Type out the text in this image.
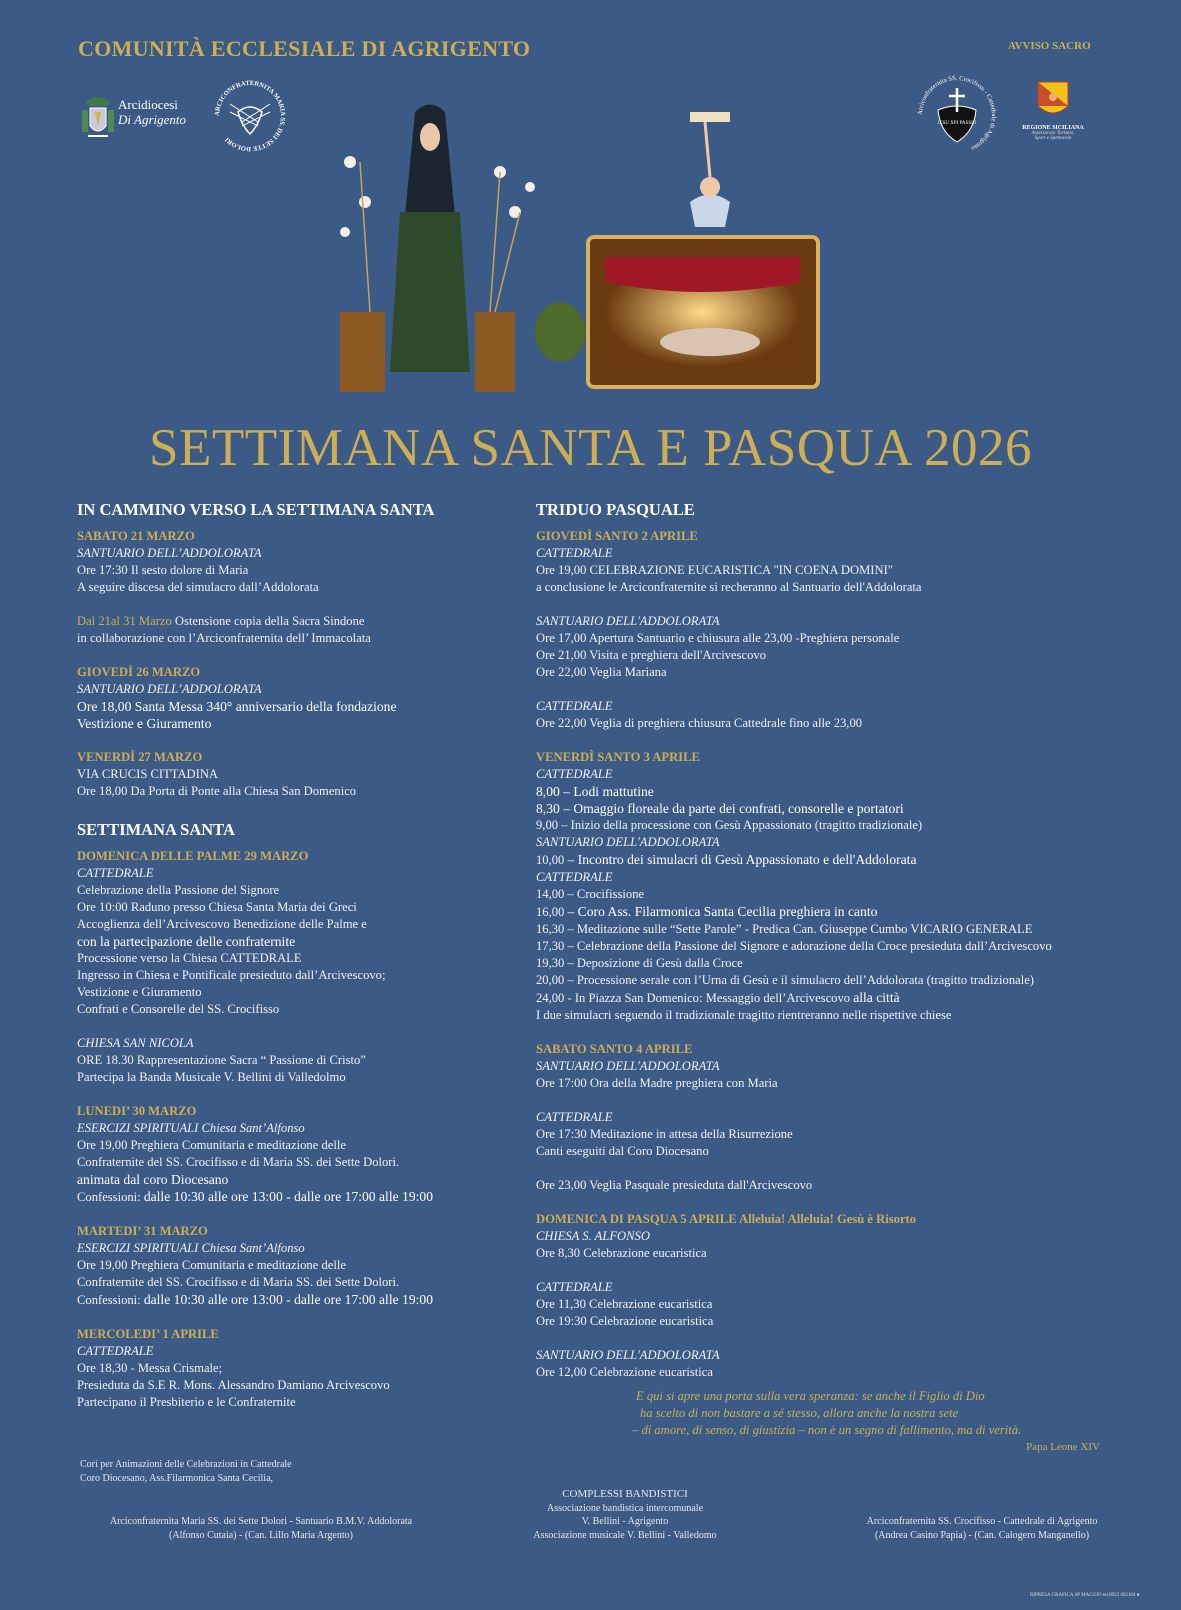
COMUNITÀ ECCLESIALE DI AGRIGENTO	AVVISO SACRO
Arcidiocesi
Di Agrigento	ARCICONFRATERNITA MARIA SS. DEI SETTE DOLORI
Arciconfraternita SS. Crocifisso - Cattedrale di Agrigento
JESU XPI PASSIO
REGIONE SICILIANA
Assessorato Turismo,
Sport e Spettacolo
SETTIMANA SANTA E PASQUA 2026
IN CAMMINO VERSO LA SETTIMANA SANTA
SABATO 21 MARZO
SANTUARIO DELL’ADDOLORATA
Ore 17:30 Il sesto dolore di Maria
A seguire discesa del simulacro dall’Addolorata
Dal 21al 31 Marzo Ostensione copia della Sacra Sindone
in collaborazione con l’Arciconfraternita dell’ Immacolata
GIOVEDÌ 26 MARZO
SANTUARIO DELL’ADDOLORATA
Ore 18,00 Santa Messa 340° anniversario della fondazione
Vestizione e Giuramento
VENERDÌ 27 MARZO
VIA CRUCIS CITTADINA
Ore 18,00 Da Porta di Ponte alla Chiesa San Domenico
SETTIMANA SANTA
DOMENICA DELLE PALME 29 MARZO
CATTEDRALE
Celebrazione della Passione del Signore
Ore 10:00 Raduno presso Chiesa Santa Maria dei Greci
Accoglienza dell’Arcivescovo Benedizione delle Palme e
con la partecipazione delle confraternite
Processione verso la Chiesa CATTEDRALE
Ingresso in Chiesa e Pontificale presieduto dall’Arcivescovo;
Vestizione e Giuramento
Confrati e Consorelle del SS. Crocifisso
CHIESA SAN NICOLA
ORE 18.30 Rappresentazione Sacra “ Passione di Cristo”
Partecipa la Banda Musicale V. Bellini di Valledolmo
LUNEDI’ 30 MARZO
ESERCIZI SPIRITUALI Chiesa Sant’Alfonso
Ore 19,00 Preghiera Comunitaria e meditazione delle
Confraternite del SS. Crocifisso e di Maria SS. dei Sette Dolori.
animata dal coro Diocesano
Confessioni: dalle 10:30 alle ore 13:00 - dalle ore 17:00 alle 19:00
MARTEDI’ 31 MARZO
ESERCIZI SPIRITUALI Chiesa Sant’Alfonso
Ore 19,00 Preghiera Comunitaria e meditazione delle
Confraternite del SS. Crocifisso e di Maria SS. dei Sette Dolori.
Confessioni: dalle 10:30 alle ore 13:00 - dalle ore 17:00 alle 19:00
MERCOLEDI’ 1 APRILE
CATTEDRALE
Ore 18,30 - Messa Crismale;
Presieduta da S.E R. Mons. Alessandro Damiano Arcivescovo
Partecipano il Presbiterio e le Confraternite
TRIDUO PASQUALE
GIOVEDÌ SANTO 2 APRILE
CATTEDRALE
Ore 19,00 CELEBRAZIONE EUCARISTICA "IN COENA DOMINI"
a conclusione le Arciconfraternite si recheranno al Santuario dell'Addolorata
SANTUARIO DELL'ADDOLORATA
Ore 17,00 Apertura Santuario e chiusura alle 23,00 -Preghiera personale
Ore 21,00 Visita e preghiera dell'Arcivescovo
Ore 22,00 Veglia Mariana
CATTEDRALE
Ore 22,00 Veglia di preghiera chiusura Cattedrale fino alle 23,00
VENERDÌ SANTO 3 APRILE
CATTEDRALE
8,00 – Lodi mattutine
8,30 – Omaggio floreale da parte dei confrati, consorelle e portatori
9,00 – Inizio della processione con Gesù Appassionato (tragitto tradizionale)
SANTUARIO DELL'ADDOLORATA
10,00 – Incontro dei simulacri di Gesù Appassionato e dell'Addolorata
CATTEDRALE
14,00 – Crocifissione
16,00 – Coro Ass. Filarmonica Santa Cecilia preghiera in canto
16,30 – Meditazione sulle “Sette Parole” - Predica Can. Giuseppe Cumbo VICARIO GENERALE
17,30 – Celebrazione della Passione del Signore e adorazione della Croce presieduta dall’Arcivescovo
19,30 – Deposizione di Gesù dalla Croce
20,00 – Processione serale con l’Urna di Gesù e il simulacro dell’Addolorata (tragitto tradizionale)
24,00 - In Piazza San Domenico: Messaggio dell’Arcivescovo alla città
I due simulacri seguendo il tradizionale tragitto rientreranno nelle rispettive chiese
SABATO SANTO 4 APRILE
SANTUARIO DELL'ADDOLORATA
Ore 17:00 Ora della Madre preghiera con Maria
CATTEDRALE
Ore 17:30 Meditazione in attesa della Risurrezione
Canti eseguiti dal Coro Diocesano
Ore 23,00 Veglia Pasquale presieduta dall'Arcivescovo
DOMENICA DI PASQUA 5 APRILE Alleluia! Alleluia! Gesù è Risorto
CHIESA S. ALFONSO
Ore 8,30 Celebrazione eucaristica
CATTEDRALE
Ore 11,30 Celebrazione eucaristica
Ore 19:30 Celebrazione eucaristica
SANTUARIO DELL'ADDOLORATA
Ore 12,00 Celebrazione eucaristica
E qui si apre una porta sulla vera speranza: se anche il Figlio di Dio
ha scelto di non bastare a sé stesso, allora anche la nostra sete
– di amore, di senso, di giustizia – non è un segno di fallimento, ma di verità.
Papa Leone XIV
Cori per Animazioni delle Celebrazioni in Cattedrale
Coro Diocesano, Ass.Filarmonica Santa Cecilia,
Arciconfraternita Maria SS. dei Sette Dolori - Santuario B.M.V. Addolorata
(Alfonso Cutaia) - (Can. Lillo Maria Argento)
COMPLESSI BANDISTICI
Associazione bandistica intercomunale
V. Bellini - Agrigento
Associazione musicale V. Bellini - Valledomo
Arciconfraternita SS. Crocifisso - Cattedrale di Agrigento
(Andrea Casino Papia) - (Can. Calogero Manganello)
RIPRESA GRAFICA SP MAGGIO tel.0922 602104 ●
